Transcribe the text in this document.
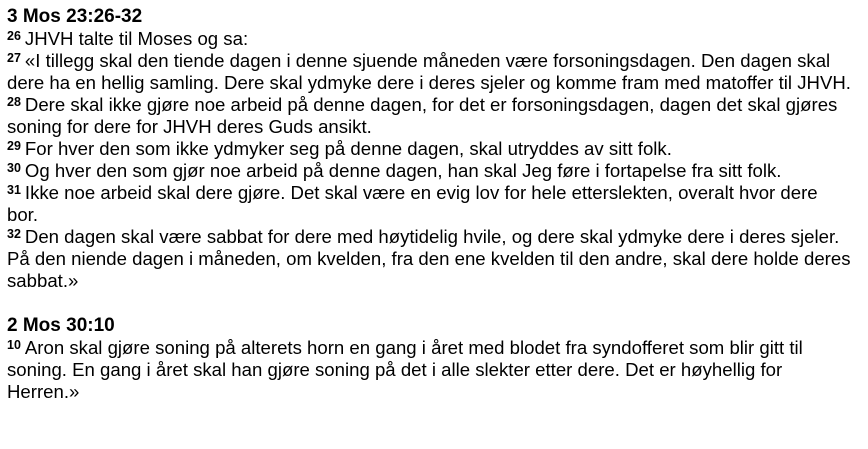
3 Mos 23:26-32

$^{26}$ JHVH talte til Moses og sa:

$^{27}$ «I tillegg skal den tiende dagen i denne sjuende måneden være forsoningsdagen. Den dagen skal dere ha en hellig samling. Dere skal ydmyke dere i deres sjeler og komme fram med matoffer til JHVH.

$^{28}$ Dere skal ikke gjøre noe arbeid på denne dagen, for det er forsoningsdagen, dagen det skal gjøres soning for dere for JHVH deres Guds ansikt.

$^{29}$ For hver den som ikke ydmyker seg på denne dagen, skal utryddes av sitt folk.

$^{30}$ Og hver den som gjør noe arbeid på denne dagen, han skal Jeg føre i fortapelse fra sitt folk.

$^{31}$ Ikke noe arbeid skal dere gjøre. Det skal være en evig lov for hele etterslekten, overalt hvor dere bor.

$^{32}$ Den dagen skal være sabbat for dere med høytidelig hvile, og dere skal ydmyke dere i deres sjeler. På den niende dagen i måneden, om kvelden, fra den ene kvelden til den andre, skal dere holde deres sabbat.»

2 Mos 30:10

$^{10}$ Aron skal gjøre soning på alterets horn en gang i året med blodet fra syndofferet som blir gitt til soning. En gang i året skal han gjøre soning på det i alle slekter etter dere. Det er høyhellig for Herren.»
